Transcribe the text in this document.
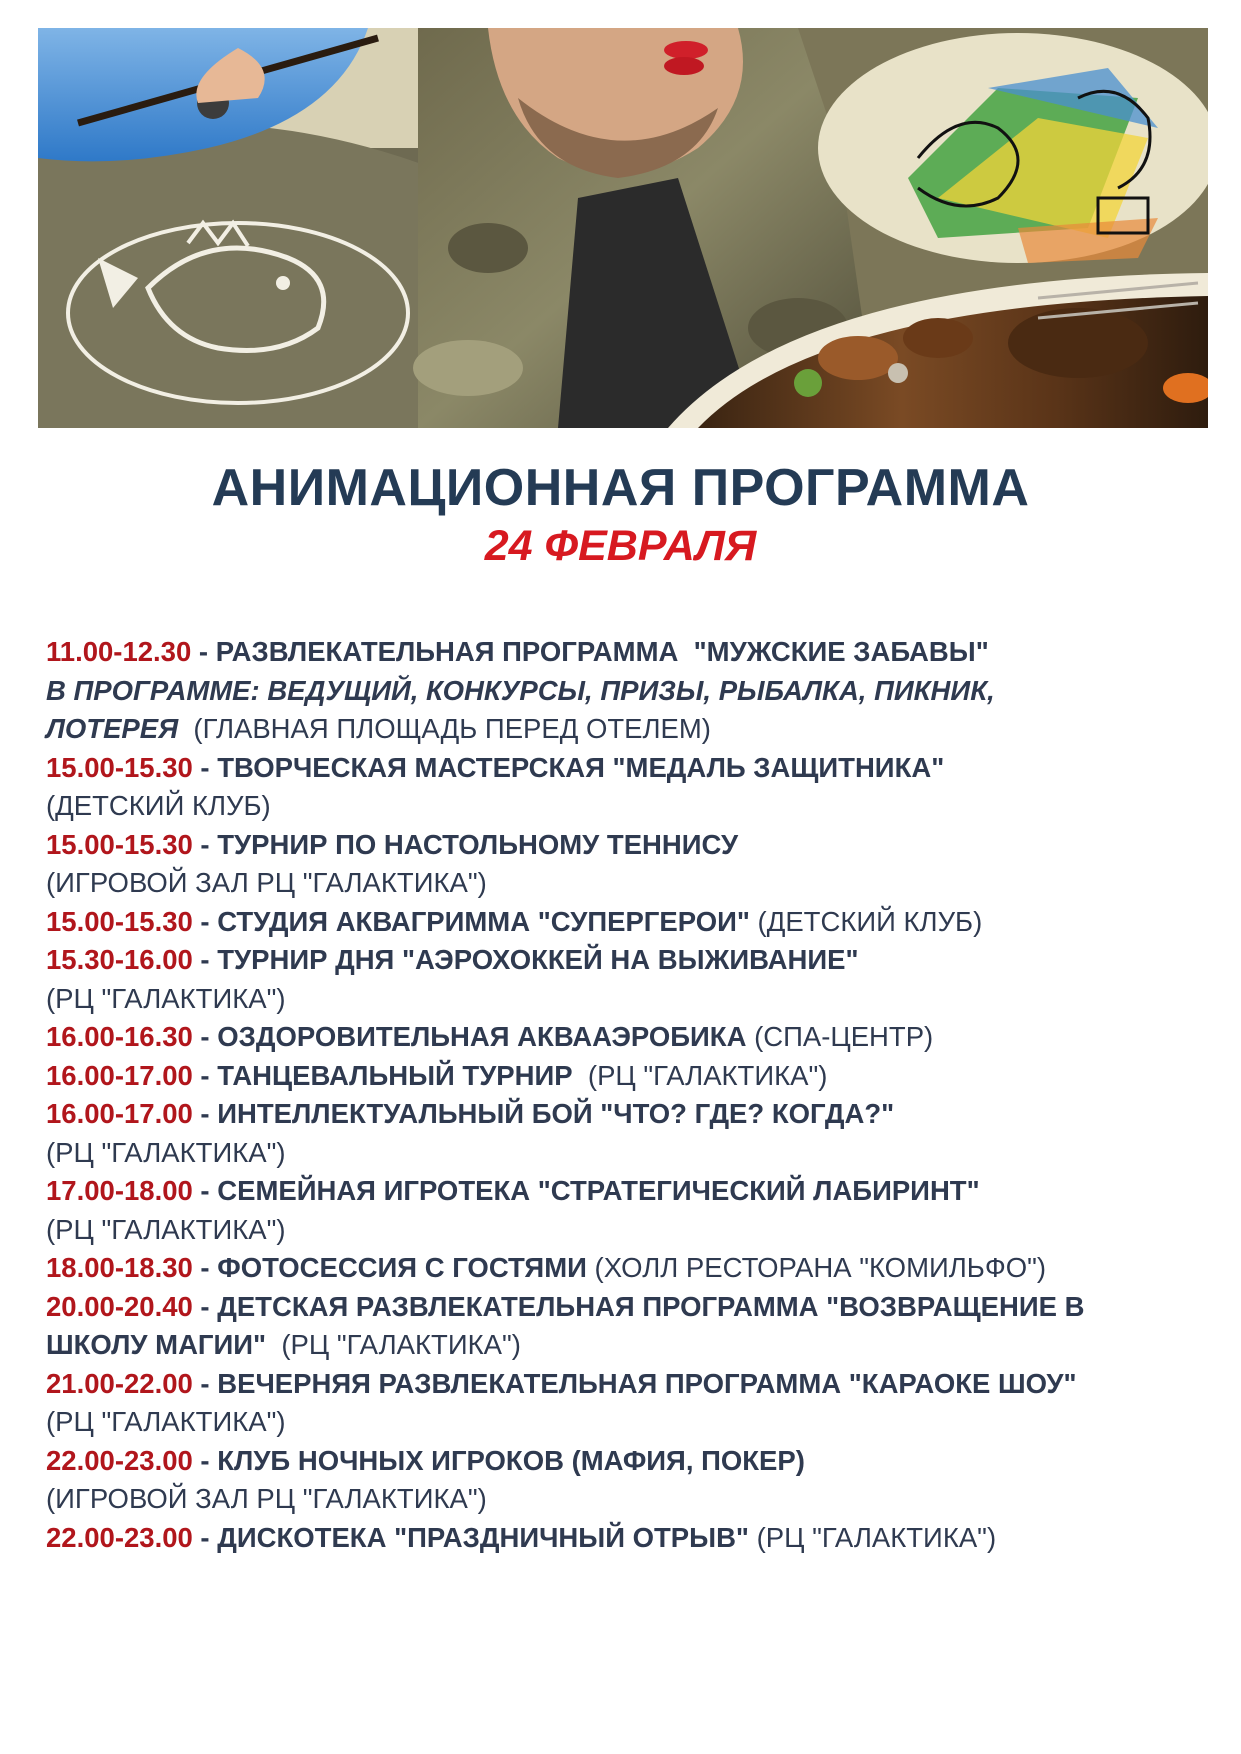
АНИМАЦИОННАЯ ПРОГРАММА
24 ФЕВРАЛЯ
11.00-12.30 - РАЗВЛЕКАТЕЛЬНАЯ ПРОГРАММА  "МУЖСКИЕ ЗАБАВЫ"
В ПРОГРАММЕ: ВЕДУЩИЙ, КОНКУРСЫ, ПРИЗЫ, РЫБАЛКА, ПИКНИК,
ЛОТЕРЕЯ  (ГЛАВНАЯ ПЛОЩАДЬ ПЕРЕД ОТЕЛЕМ)
15.00-15.30 - ТВОРЧЕСКАЯ МАСТЕРСКАЯ "МЕДАЛЬ ЗАЩИТНИКА"
(ДЕТСКИЙ КЛУБ)
15.00-15.30 - ТУРНИР ПО НАСТОЛЬНОМУ ТЕННИСУ
(ИГРОВОЙ ЗАЛ РЦ "ГАЛАКТИКА")
15.00-15.30 - СТУДИЯ АКВАГРИММА "СУПЕРГЕРОИ" (ДЕТСКИЙ КЛУБ)
15.30-16.00 - ТУРНИР ДНЯ "АЭРОХОККЕЙ НА ВЫЖИВАНИЕ"
(РЦ "ГАЛАКТИКА")
16.00-16.30 - ОЗДОРОВИТЕЛЬНАЯ АКВААЭРОБИКА (СПА-ЦЕНТР)
16.00-17.00 - ТАНЦЕВАЛЬНЫЙ ТУРНИР  (РЦ "ГАЛАКТИКА")
16.00-17.00 - ИНТЕЛЛЕКТУАЛЬНЫЙ БОЙ "ЧТО? ГДЕ? КОГДА?"
(РЦ "ГАЛАКТИКА")
17.00-18.00 - СЕМЕЙНАЯ ИГРОТЕКА "СТРАТЕГИЧЕСКИЙ ЛАБИРИНТ"
(РЦ "ГАЛАКТИКА")
18.00-18.30 - ФОТОСЕССИЯ С ГОСТЯМИ (ХОЛЛ РЕСТОРАНА "КОМИЛЬФО")
20.00-20.40 - ДЕТСКАЯ РАЗВЛЕКАТЕЛЬНАЯ ПРОГРАММА "ВОЗВРАЩЕНИЕ В
ШКОЛУ МАГИИ"  (РЦ "ГАЛАКТИКА")
21.00-22.00 - ВЕЧЕРНЯЯ РАЗВЛЕКАТЕЛЬНАЯ ПРОГРАММА "КАРАОКЕ ШОУ"
(РЦ "ГАЛАКТИКА")
22.00-23.00 - КЛУБ НОЧНЫХ ИГРОКОВ (МАФИЯ, ПОКЕР)
(ИГРОВОЙ ЗАЛ РЦ "ГАЛАКТИКА")
22.00-23.00 - ДИСКОТЕКА "ПРАЗДНИЧНЫЙ ОТРЫВ" (РЦ "ГАЛАКТИКА")
